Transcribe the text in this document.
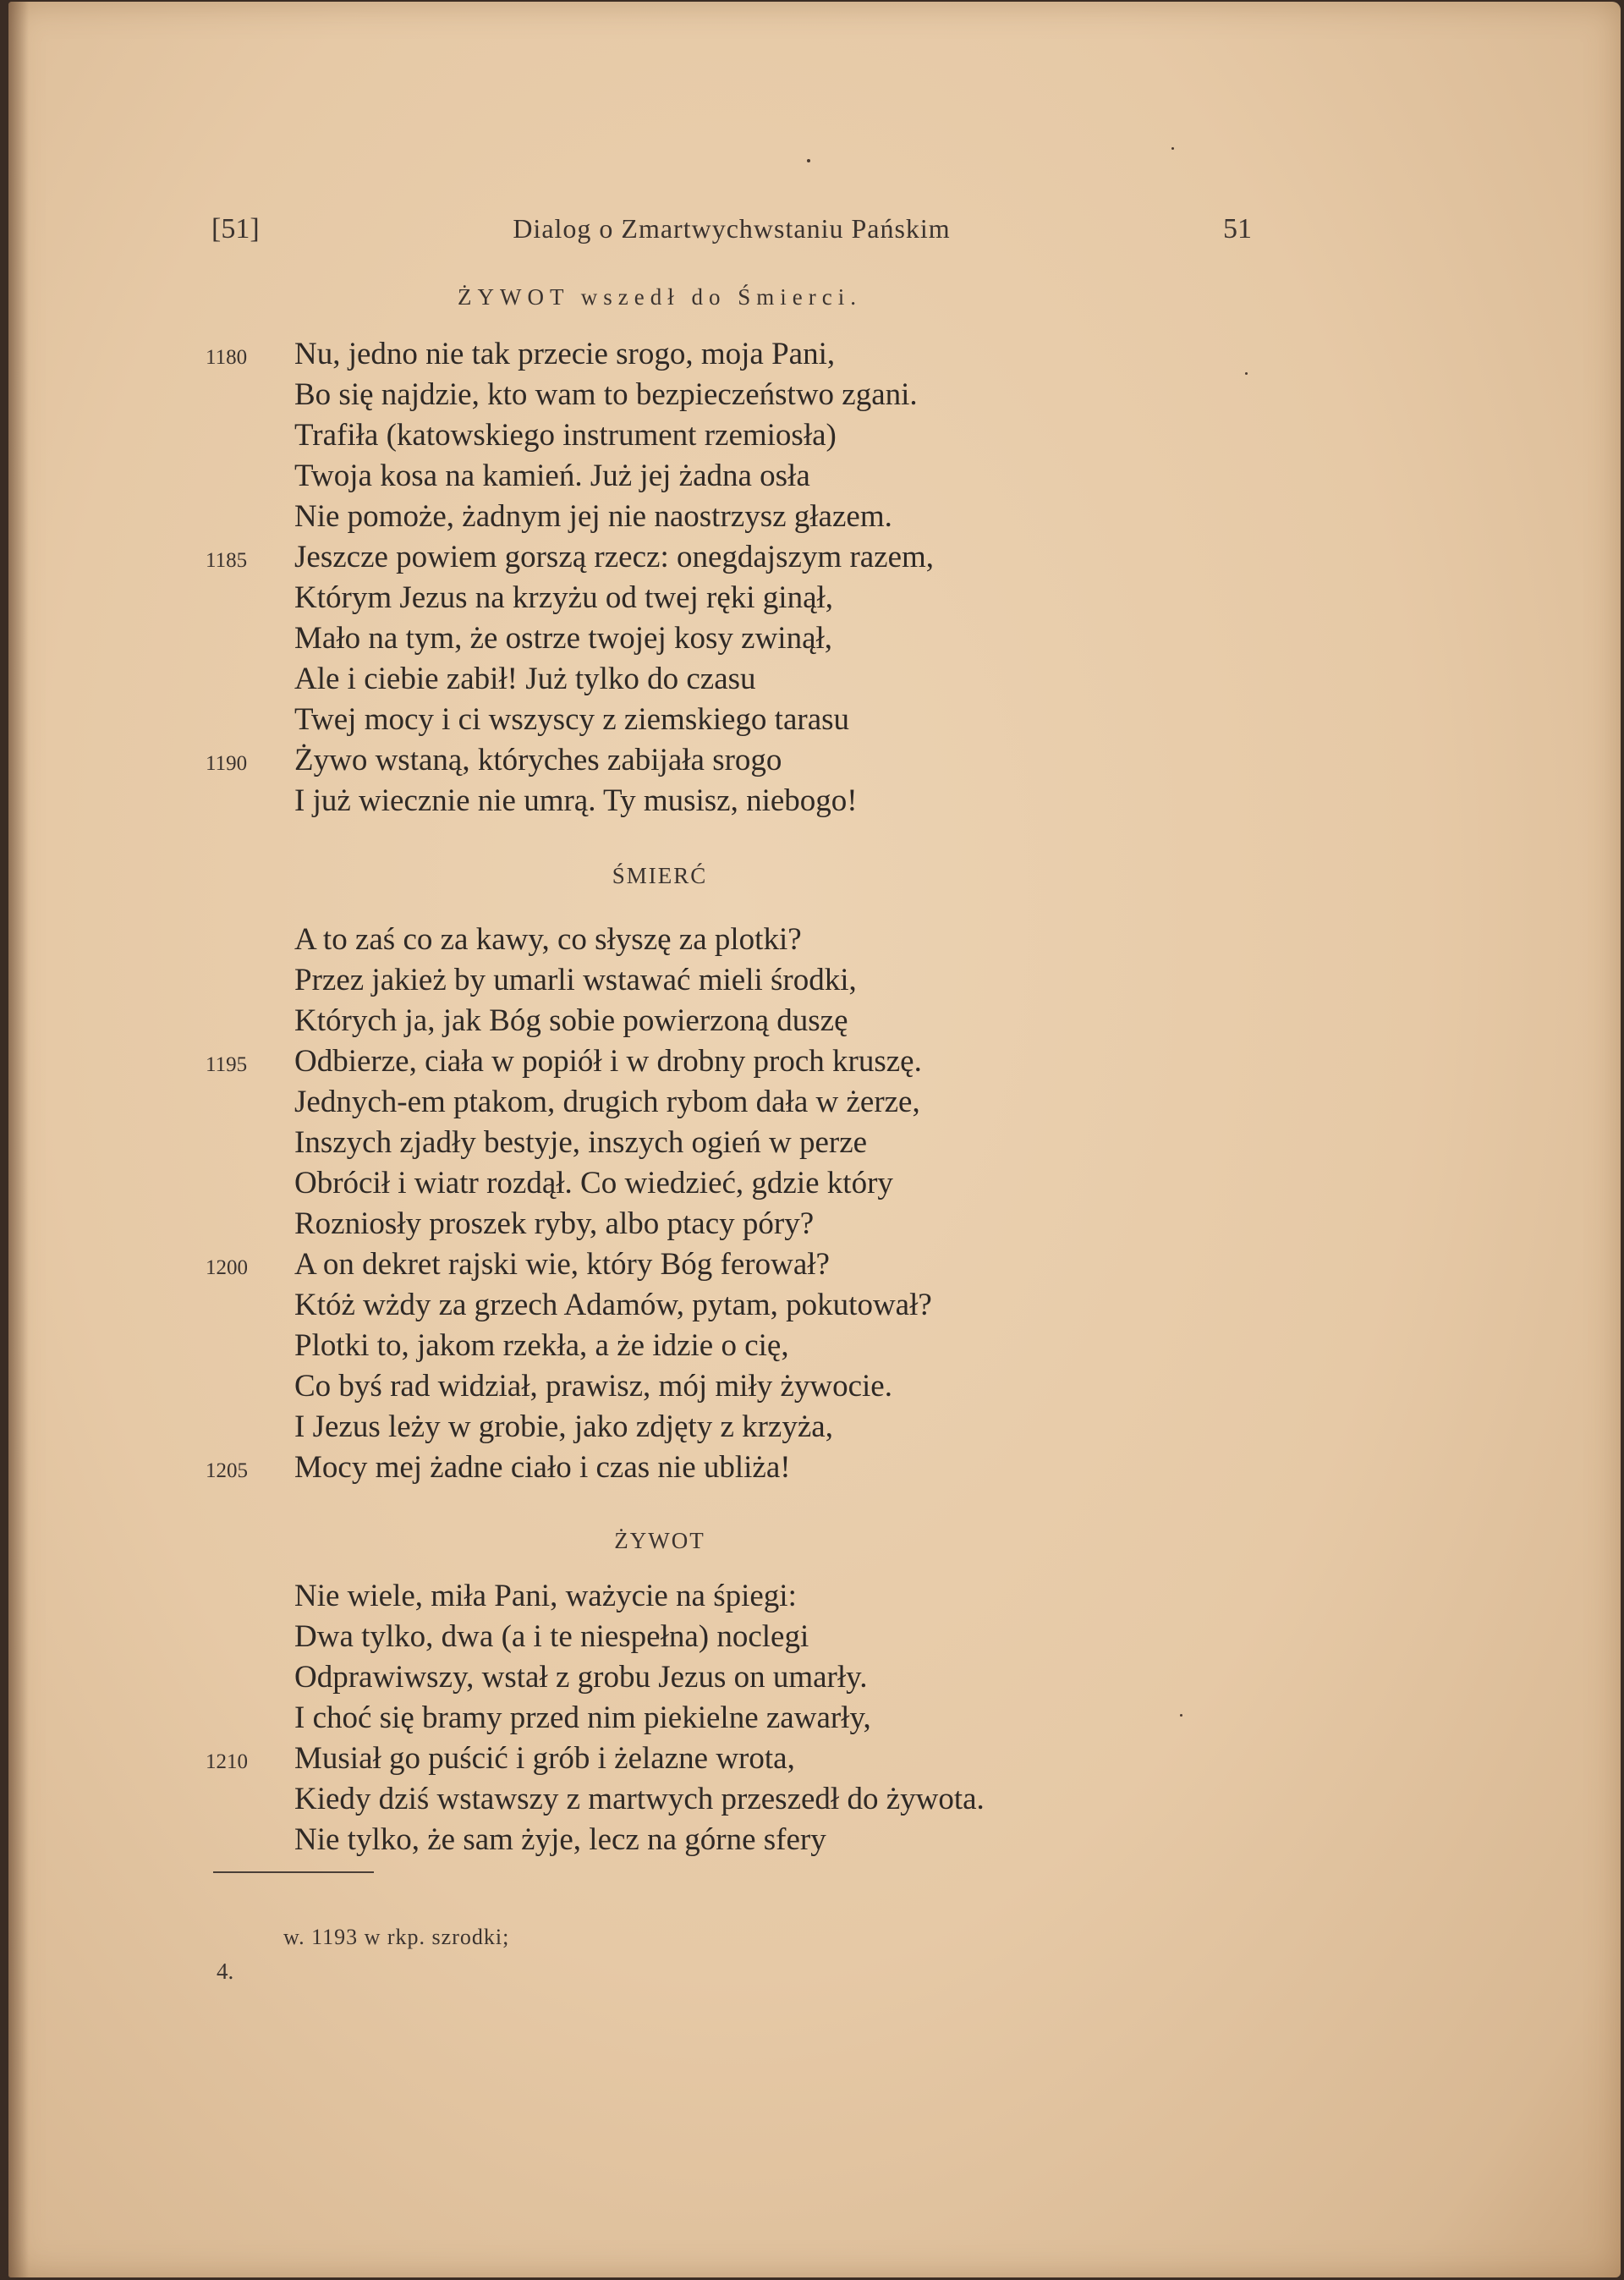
[51]	Dialog o Zmartwychwstaniu Pańskim	51
ŻYWOT wszedł do Śmierci.
1180 Nu, jedno nie tak przecie srogo, moja Pani,
Bo się najdzie, kto wam to bezpieczeństwo zgani.
Trafiła (katowskiego instrument rzemiosła)
Twoja kosa na kamień. Już jej żadna osła
Nie pomoże, żadnym jej nie naostrzysz głazem.
1185 Jeszcze powiem gorszą rzecz: onegdajszym razem,
Którym Jezus na krzyżu od twej ręki ginął,
Mało na tym, że ostrze twojej kosy zwinął,
Ale i ciebie zabił! Już tylko do czasu
Twej mocy i ci wszyscy z ziemskiego tarasu
1190 Żywo wstaną, któryches zabijała srogo
I już wiecznie nie umrą. Ty musisz, niebogo!
ŚMIERĆ
A to zaś co za kawy, co słyszę za plotki?
Przez jakież by umarli wstawać mieli środki,
Których ja, jak Bóg sobie powierzoną duszę
1195 Odbierze, ciała w popiół i w drobny proch kruszę.
Jednych-em ptakom, drugich rybom dała w żerze,
Inszych zjadły bestyje, inszych ogień w perze
Obrócił i wiatr rozdął. Co wiedzieć, gdzie który
Rozniosły proszek ryby, albo ptacy póry?
1200 A on dekret rajski wie, który Bóg ferował?
Któż wżdy za grzech Adamów, pytam, pokutował?
Plotki to, jakom rzekła, a że idzie o cię,
Co byś rad widział, prawisz, mój miły żywocie.
I Jezus leży w grobie, jako zdjęty z krzyża,
1205 Mocy mej żadne ciało i czas nie ubliża!
ŻYWOT
Nie wiele, miła Pani, ważycie na śpiegi:
Dwa tylko, dwa (a i te niespełna) noclegi
Odprawiwszy, wstał z grobu Jezus on umarły.
I choć się bramy przed nim piekielne zawarły,
1210 Musiał go puścić i grób i żelazne wrota,
Kiedy dziś wstawszy z martwych przeszedł do żywota.
Nie tylko, że sam żyje, lecz na górne sfery
w. 1193 w rkp. szrodki;
4.
